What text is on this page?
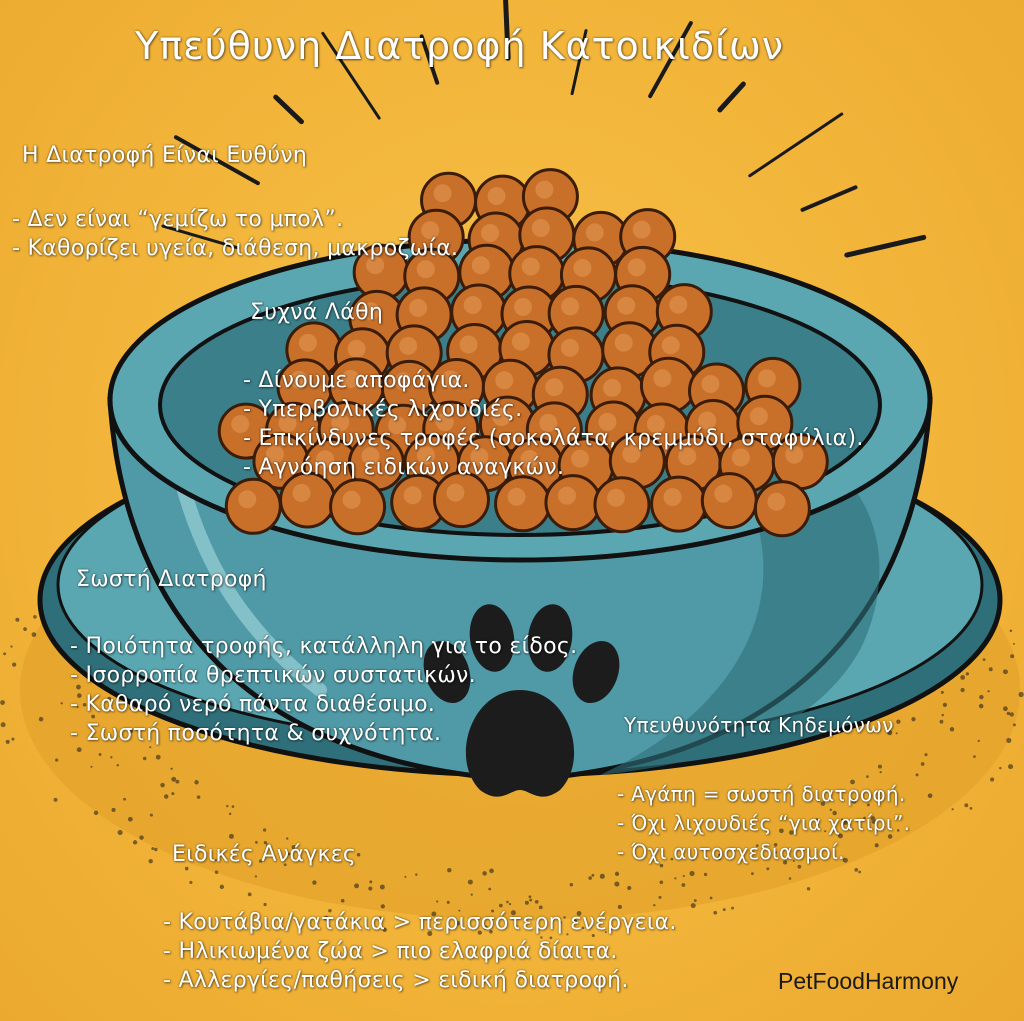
Υπεύθυνη Διατροφή Κατοικιδίων
Η Διατροφή Είναι Ευθύνη
- Δεν είναι “γεμίζω το μπολ”.
- Καθορίζει υγεία, διάθεση, μακροζωία.
Συχνά Λάθη
- Δίνουμε αποφάγια.
- Υπερβολικές λιχουδιές.
- Επικίνδυνες τροφές (σοκολάτα, κρεμμύδι, σταφύλια).
- Αγνόηση ειδικών αναγκών.
Σωστή Διατροφή
- Ποιότητα τροφής, κατάλληλη για το είδος.
- Ισορροπία θρεπτικών συστατικών.
- Καθαρό νερό πάντα διαθέσιμο.
- Σωστή ποσότητα & συχνότητα.	Υπευθυνότητα Κηδεμόνων
- Αγάπη = σωστή διατροφή.
- Όχι λιχουδιές “για χατίρι”.
- Όχι αυτοσχεδιασμοί.
Ειδικές Ανάγκες
- Κουτάβια/γατάκια > περισσότερη ενέργεια.
- Ηλικιωμένα ζώα > πιο ελαφριά δίαιτα.
- Αλλεργίες/παθήσεις > ειδική διατροφή.	PetFoodHarmony
